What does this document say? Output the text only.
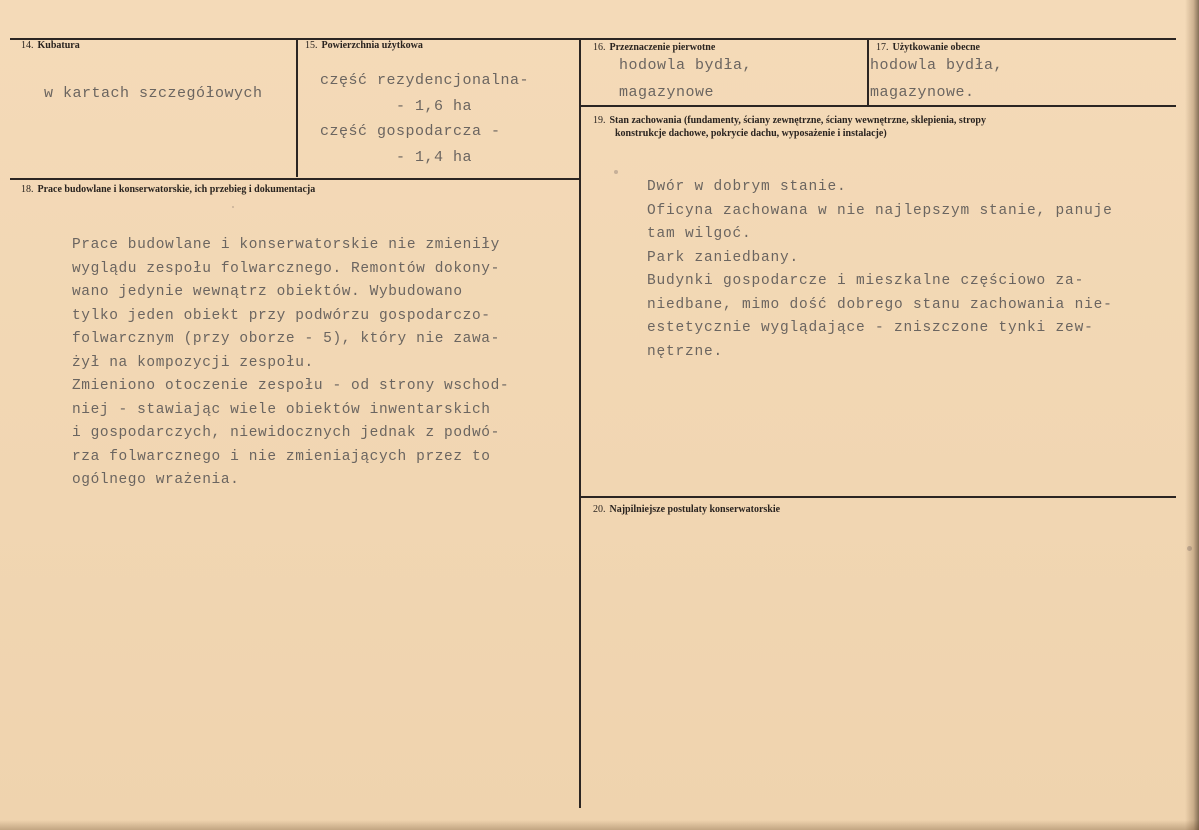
14. Kubatura
w kartach szczegółowych
15. Powierzchnia użytkowa
część rezydencjonalna-
- 1,6 ha
część gospodarcza -
- 1,4 ha
16. Przeznaczenie pierwotne
hodowla bydła,
magazynowe
17. Użytkowanie obecne
hodowla bydła,
magazynowe.
18. Prace budowlane i konserwatorskie, ich przebieg i dokumentacja
Prace budowlane i konserwatorskie nie zmieniły
wyglądu zespołu folwarcznego. Remontów dokony-
wano jedynie wewnątrz obiektów. Wybudowano
tylko jeden obiekt przy podwórzu gospodarczo-
folwarcznym (przy oborze - 5), który nie zawa-
żył na kompozycji zespołu.
Zmieniono otoczenie zespołu - od strony wschod-
niej - stawiając wiele obiektów inwentarskich
i gospodarczych, niewidocznych jednak z podwó-
rza folwarcznego i nie zmieniających przez to
ogólnego wrażenia.
19. Stan zachowania (fundamenty, ściany zewnętrzne, ściany wewnętrzne, sklepienia, stropy
konstrukcje dachowe, pokrycie dachu, wyposażenie i instalacje)
Dwór w dobrym stanie.
Oficyna zachowana w nie najlepszym stanie, panuje
tam wilgoć.
Park zaniedbany.
Budynki gospodarcze i mieszkalne częściowo za-
niedbane, mimo dość dobrego stanu zachowania nie-
estetycznie wyglądające - zniszczone tynki zew-
nętrzne.
20. Najpilniejsze postulaty konserwatorskie
